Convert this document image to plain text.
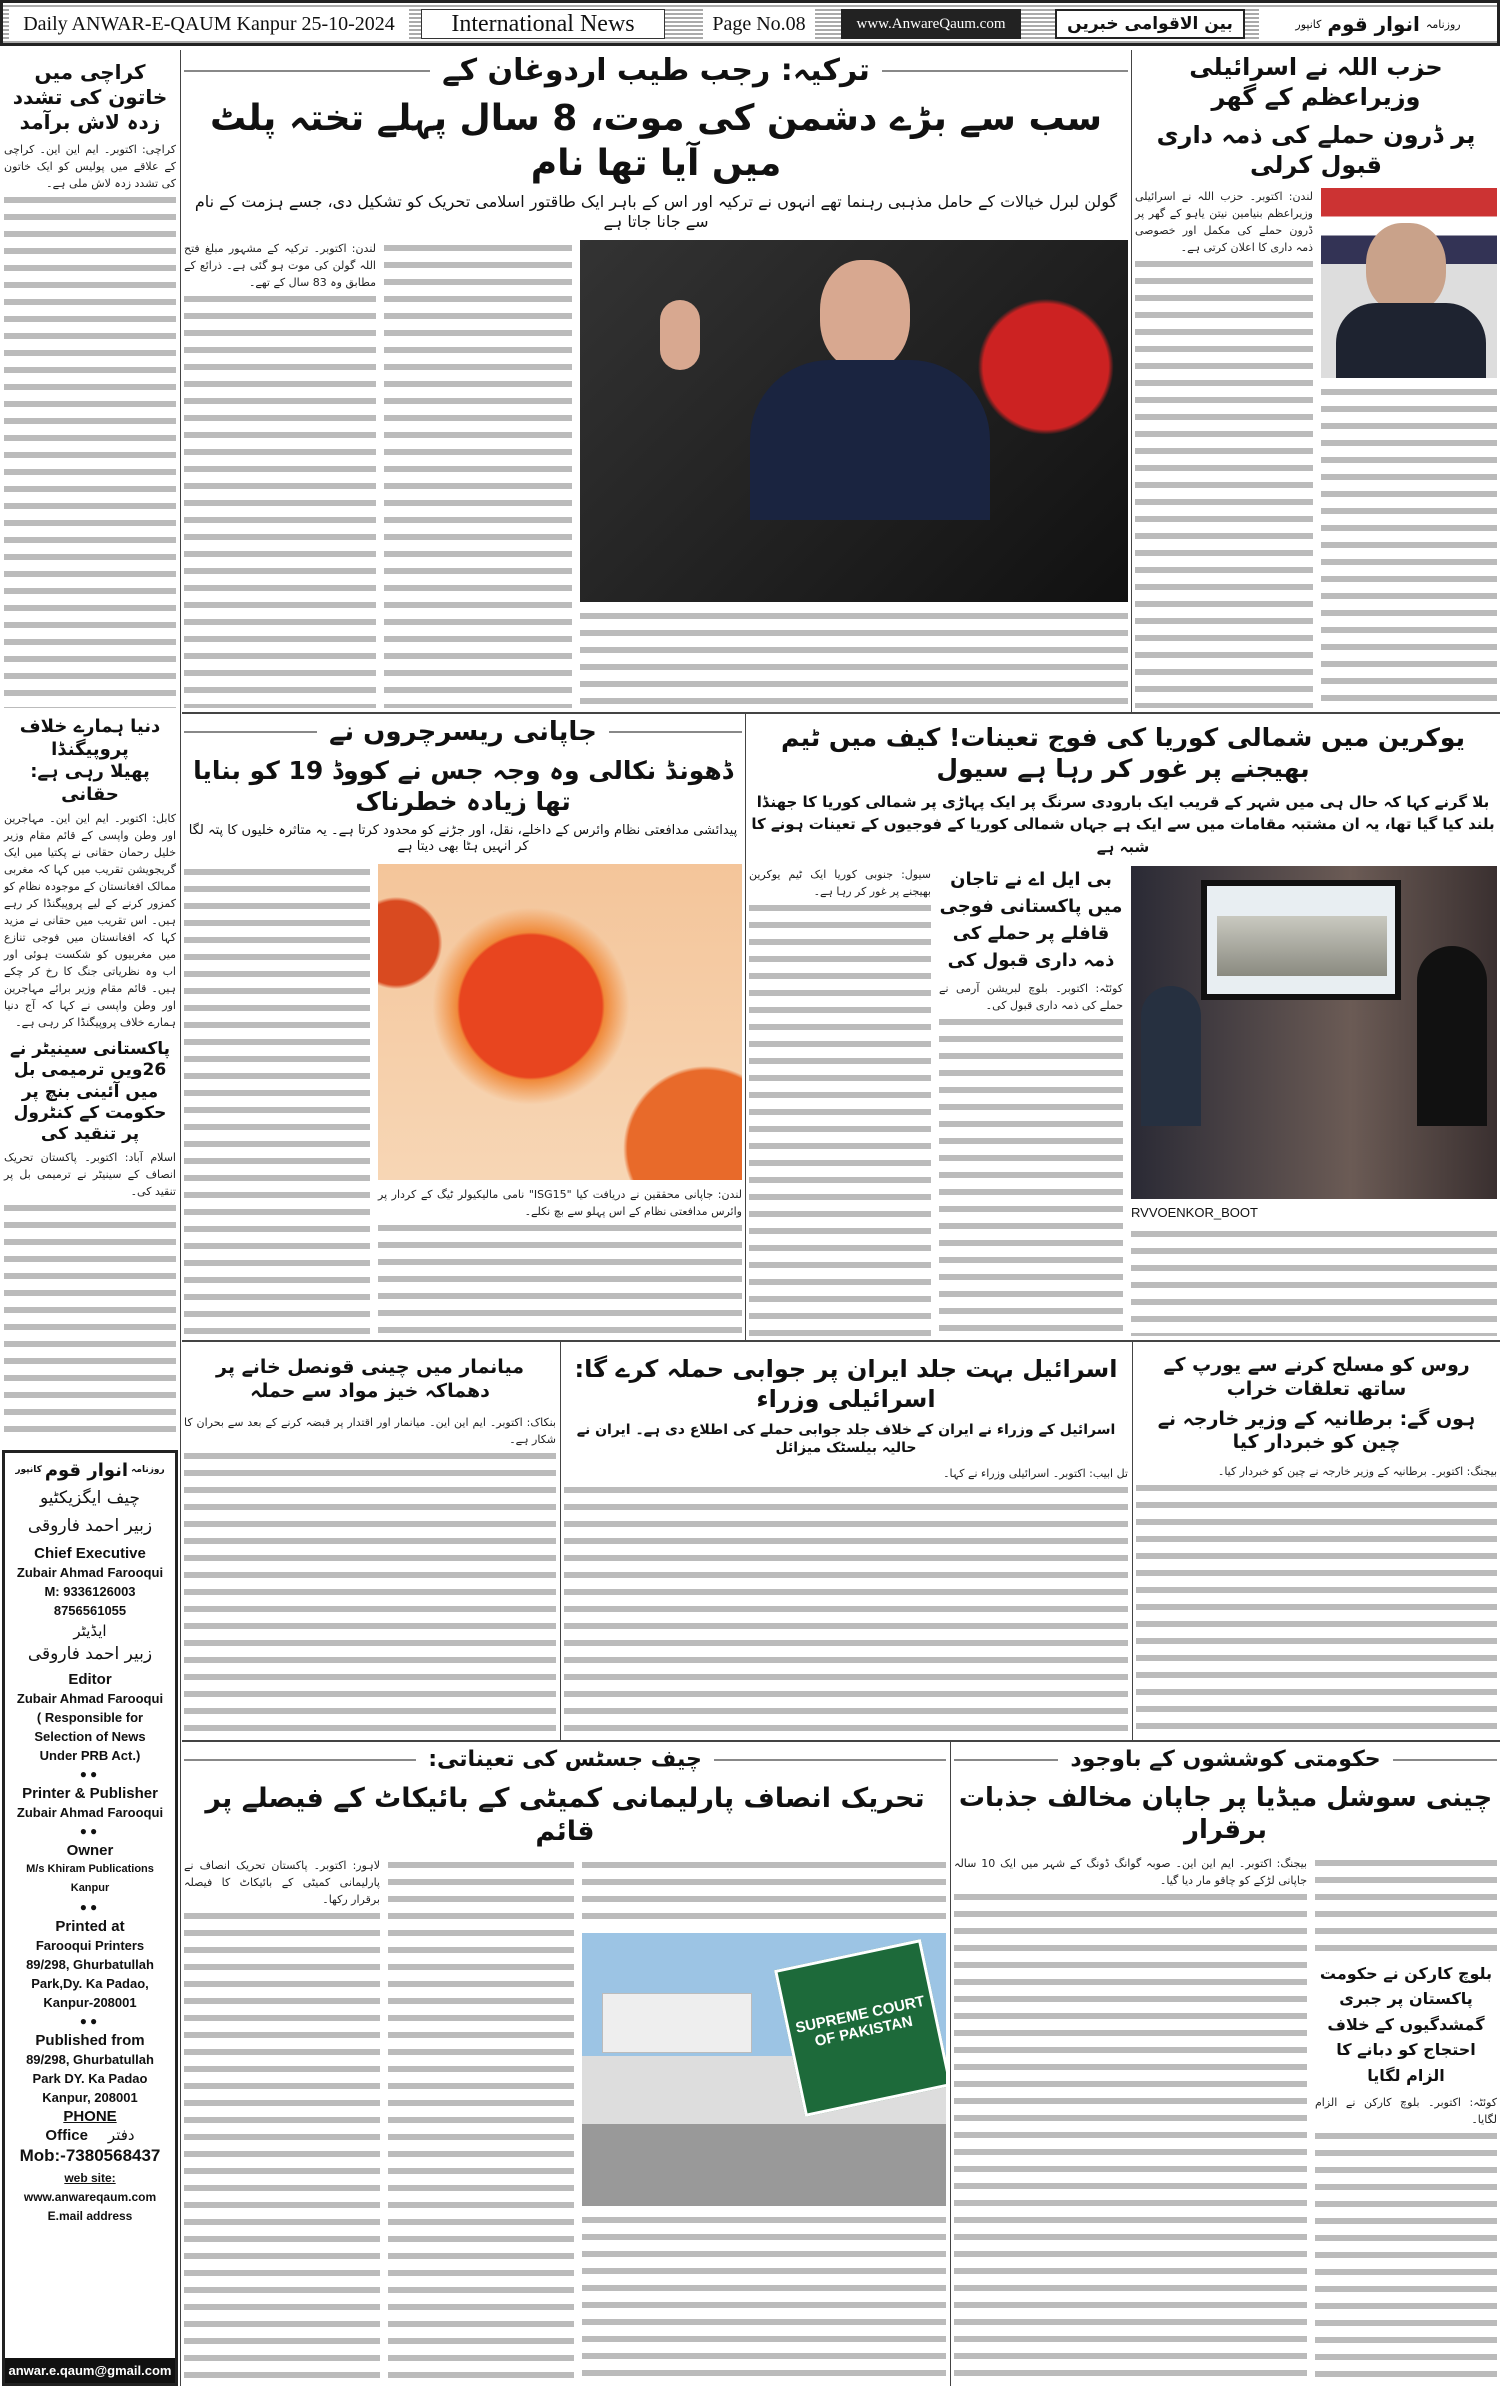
Daily ANWAR-E-QAUM Kanpur 25-10-2024	International News	Page No.08	www.AnwareQaum.com	بین الاقوامی خبریں	روزنامہ
انوار قوم
کانپور
حزب اللہ نے اسرائیلی وزیراعظم کے گھر
پر ڈرون حملے کی ذمہ داری قبول کرلی

لندن: اکتوبر۔ حزب اللہ نے اسرائیلی وزیراعظم بنیامین نیتن یاہو کے گھر پر ڈرون حملے کی مکمل اور خصوصی ذمہ داری کا اعلان کرتی ہے۔

ترکیہ: رجب طیب اردوغان کے
سب سے بڑے دشمن کی موت، 8 سال پہلے تختہ پلٹ میں آیا تھا نام
گولن لبرل خیالات کے حامل مذہبی رہنما تھے انہوں نے ترکیہ اور اس کے باہر ایک طاقتور اسلامی تحریک کو تشکیل دی، جسے ہزمت کے نام سے جانا جاتا ہے

لندن: اکتوبر۔ ترکیہ کے مشہور مبلغ فتح اللہ گولن کی موت ہو گئی ہے۔ ذرائع کے مطابق وہ 83 سال کے تھے۔

کراچی میں خاتون کی تشدد زدہ لاش برآمد

کراچی: اکتوبر۔ ایم این این۔ کراچی کے علاقے میں پولیس کو ایک خاتون کی تشدد زدہ لاش ملی ہے۔

دنیا ہمارے خلاف پروپیگنڈا
پھیلا رہی ہے: حقانی

کابل: اکتوبر۔ ایم این این۔ مہاجرین اور وطن واپسی کے قائم مقام وزیر خلیل رحمان حقانی نے پکتیا میں ایک گریجویشن تقریب میں کہا کہ مغربی ممالک افغانستان کے موجودہ نظام کو کمزور کرنے کے لیے پروپیگنڈا کر رہے ہیں۔ اس تقریب میں حقانی نے مزید کہا کہ افغانستان میں فوجی تنازع میں مغربیوں کو شکست ہوئی اور اب وہ نظریاتی جنگ کا رخ کر چکے ہیں۔ قائم مقام وزیر برائے مہاجرین اور وطن واپسی نے کہا کہ آج دنیا ہمارے خلاف پروپیگنڈا کر رہی ہے۔

پاکستانی سینیٹر نے 26ویں ترمیمی بل میں آئینی بنچ پر حکومت کے کنٹرول پر تنقید کی

اسلام آباد: اکتوبر۔ پاکستان تحریک انصاف کے سینیٹر نے ترمیمی بل پر تنقید کی۔

جاپانی ریسرچروں نے
ڈھونڈ نکالی وہ وجہ جس نے کووڈ 19 کو بنایا تھا زیادہ خطرناک
پیدائشی مدافعتی نظام وائرس کے داخلے، نقل، اور جڑنے کو محدود کرتا ہے۔ یہ متاثرہ خلیوں کا پتہ لگا کر انہیں ہٹا بھی دیتا ہے

لندن: جاپانی محققین نے دریافت کیا "ISG15" نامی مالیکیولر ٹیگ کے کردار پر وائرس مدافعتی نظام کے اس پہلو سے بچ نکلے۔

یوکرین میں شمالی کوریا کی فوج تعینات! کیف میں ٹیم بھیجنے پر غور کر رہا ہے سیول
بلا گرنے کہا کہ حال ہی میں شہر کے قریب ایک بارودی سرنگ پر ایک پہاڑی پر شمالی کوریا کا جھنڈا بلند کیا گیا تھا، یہ ان مشتبہ مقامات میں سے ایک ہے جہاں شمالی کوریا کے فوجیوں کے تعینات ہونے کا شبہ ہے
بی ایل اے نے تاجان میں پاکستانی فوجی قافلے پر حملے کی ذمہ داری قبول کی

کوئٹہ: اکتوبر۔ بلوچ لبریشن آرمی نے حملے کی ذمہ داری قبول کی۔

RVVOENKOR_BOOT

سیول: جنوبی کوریا ایک ٹیم یوکرین بھیجنے پر غور کر رہا ہے۔

روس کو مسلح کرنے سے یورپ کے ساتھ تعلقات خراب
ہوں گے: برطانیہ کے وزیر خارجہ نے چین کو خبردار کیا

بیجنگ: اکتوبر۔ برطانیہ کے وزیر خارجہ نے چین کو خبردار کیا۔

اسرائیل بہت جلد ایران پر جوابی حملہ کرے گا: اسرائیلی وزراء
اسرائیل کے وزراء نے ایران کے خلاف جلد جوابی حملے کی اطلاع دی ہے۔ ایران نے حالیہ بیلسٹک میزائل

تل ابیب: اکتوبر۔ اسرائیلی وزراء نے کہا۔

میانمار میں چینی قونصل خانے پر دھماکہ خیز مواد سے حملہ

بنکاک: اکتوبر۔ ایم این این۔ میانمار اور اقتدار پر قبضہ کرنے کے بعد سے بحران کا شکار ہے۔

حکومتی کوششوں کے باوجود
چینی سوشل میڈیا پر جاپان مخالف جذبات برقرار
بلوچ کارکن نے حکومت پاکستان پر جبری گمشدگیوں کے خلاف احتجاج کو دبانے کا الزام لگایا

کوئٹہ: اکتوبر۔ بلوچ کارکن نے الزام لگایا۔

بیجنگ: اکتوبر۔ ایم این این۔ صوبہ گوانگ ڈونگ کے شہر میں ایک 10 سالہ جاپانی لڑکے کو چاقو مار دیا گیا۔

چیف جسٹس کی تعیناتی:
تحریک انصاف پارلیمانی کمیٹی کے بائیکاٹ کے فیصلے پر قائم
SUPREME COURT OF PAKISTAN

لاہور: اکتوبر۔ پاکستان تحریک انصاف نے پارلیمانی کمیٹی کے بائیکاٹ کا فیصلہ برقرار رکھا۔

روزنامہ
انوار قوم
کانپور
چیف ایگزیکٹیو
زبیر احمد فاروقی
Chief Executive
Zubair Ahmad Farooqui
M: 9336126003
8756561055
ایڈیٹر
زبیر احمد فاروقی
Editor
Zubair Ahmad Farooqui
( Responsible for Selection of News Under PRB Act.)
●●
Printer & Publisher
Zubair Ahmad Farooqui
●●
Owner
M/s Khiram Publications
Kanpur
●●
Printed at
Farooqui Printers 89/298, Ghurbatullah Park,Dy. Ka Padao, Kanpur-208001
●●
Published from
89/298, Ghurbatullah Park DY. Ka Padao Kanpur, 208001
PHONE
Office دفتر
Mob:-7380568437
web site:
www.anwareqaum.com
E.mail address
anwar.e.qaum@gmail.com
